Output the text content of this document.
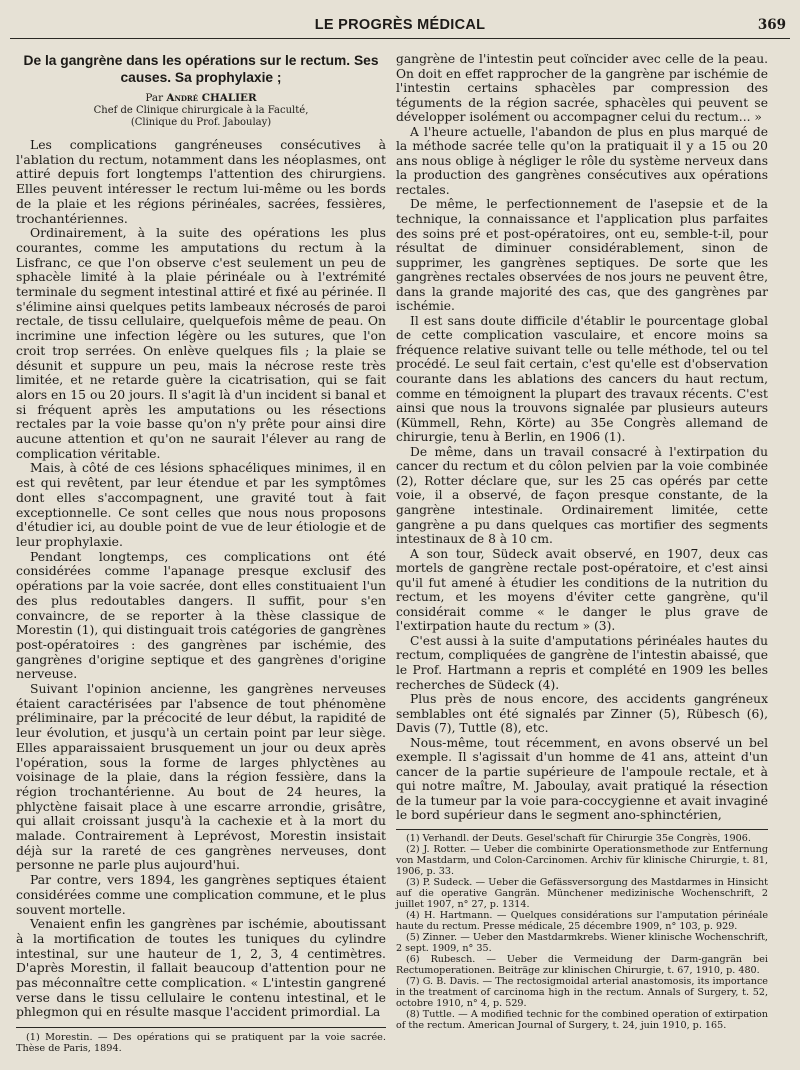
LE PROGRÈS MÉDICAL	369
De la gangrène dans les opérations sur le rectum. Ses causes. Sa prophylaxie ;
Par André CHALIER
Chef de Clinique chirurgicale à la Faculté,
(Clinique du Prof. Jaboulay)

Les complications gangréneuses consécutives à l'ablation du rectum, notamment dans les néoplasmes, ont attiré depuis fort longtemps l'attention des chirurgiens. Elles peuvent intéresser le rectum lui-même ou les bords de la plaie et les régions périnéales, sacrées, fessières, trochantériennes.

Ordinairement, à la suite des opérations les plus courantes, comme les amputations du rectum à la Lisfranc, ce que l'on observe c'est seulement un peu de sphacèle limité à la plaie périnéale ou à l'extrémité terminale du segment intestinal attiré et fixé au périnée. Il s'élimine ainsi quelques petits lambeaux nécrosés de paroi rectale, de tissu cellulaire, quelquefois même de peau. On incrimine une infection légère ou les sutures, que l'on croit trop serrées. On enlève quelques fils ; la plaie se désunit et suppure un peu, mais la nécrose reste très limitée, et ne retarde guère la cicatrisation, qui se fait alors en 15 ou 20 jours. Il s'agit là d'un incident si banal et si fréquent après les amputations ou les résections rectales par la voie basse qu'on n'y prête pour ainsi dire aucune attention et qu'on ne saurait l'élever au rang de complication véritable.

Mais, à côté de ces lésions sphacéliques minimes, il en est qui revêtent, par leur étendue et par les symptômes dont elles s'accompagnent, une gravité tout à fait exceptionnelle. Ce sont celles que nous nous proposons d'étudier ici, au double point de vue de leur étiologie et de leur prophylaxie.

Pendant longtemps, ces complications ont été considérées comme l'apanage presque exclusif des opérations par la voie sacrée, dont elles constituaient l'un des plus redoutables dangers. Il suffit, pour s'en convaincre, de se reporter à la thèse classique de Morestin (1), qui distinguait trois catégories de gangrènes post-opératoires : des gangrènes par ischémie, des gangrènes d'origine septique et des gangrènes d'origine nerveuse.

Suivant l'opinion ancienne, les gangrènes nerveuses étaient caractérisées par l'absence de tout phénomène préliminaire, par la précocité de leur début, la rapidité de leur évolution, et jusqu'à un certain point par leur siège. Elles apparaissaient brusquement un jour ou deux après l'opération, sous la forme de larges phlyctènes au voisinage de la plaie, dans la région fessière, dans la région trochantérienne. Au bout de 24 heures, la phlyctène faisait place à une escarre arrondie, grisâtre, qui allait croissant jusqu'à la cachexie et à la mort du malade. Contrairement à Leprévost, Morestin insistait déjà sur la rareté de ces gangrènes nerveuses, dont personne ne parle plus aujourd'hui.

Par contre, vers 1894, les gangrènes septiques étaient considérées comme une complication commune, et le plus souvent mortelle.

Venaient enfin les gangrènes par ischémie, aboutissant à la mortification de toutes les tuniques du cylindre intestinal, sur une hauteur de 1, 2, 3, 4 centimètres. D'après Morestin, il fallait beaucoup d'attention pour ne pas méconnaître cette complication. « L'intestin gangrené verse dans le tissu cellulaire le contenu intestinal, et le phlegmon qui en résulte masque l'accident primordial. La

(1) Morestin. — Des opérations qui se pratiquent par la voie sacrée. Thèse de Paris, 1894.

gangrène de l'intestin peut coïncider avec celle de la peau. On doit en effet rapprocher de la gangrène par ischémie de l'intestin certains sphacèles par compression des téguments de la région sacrée, sphacèles qui peuvent se développer isolément ou accompagner celui du rectum... »

A l'heure actuelle, l'abandon de plus en plus marqué de la méthode sacrée telle qu'on la pratiquait il y a 15 ou 20 ans nous oblige à négliger le rôle du système nerveux dans la production des gangrènes consécutives aux opérations rectales.

De même, le perfectionnement de l'asepsie et de la technique, la connaissance et l'application plus parfaites des soins pré et post-opératoires, ont eu, semble-t-il, pour résultat de diminuer considérablement, sinon de supprimer, les gangrènes septiques. De sorte que les gangrènes rectales observées de nos jours ne peuvent être, dans la grande majorité des cas, que des gangrènes par ischémie.

Il est sans doute difficile d'établir le pourcentage global de cette complication vasculaire, et encore moins sa fréquence relative suivant telle ou telle méthode, tel ou tel procédé. Le seul fait certain, c'est qu'elle est d'observation courante dans les ablations des cancers du haut rectum, comme en témoignent la plupart des travaux récents. C'est ainsi que nous la trouvons signalée par plusieurs auteurs (Kümmell, Rehn, Körte) au 35e Congrès allemand de chirurgie, tenu à Berlin, en 1906 (1).

De même, dans un travail consacré à l'extirpation du cancer du rectum et du côlon pelvien par la voie combinée (2), Rotter déclare que, sur les 25 cas opérés par cette voie, il a observé, de façon presque constante, de la gangrène intestinale. Ordinairement limitée, cette gangrène a pu dans quelques cas mortifier des segments intestinaux de 8 à 10 cm.

A son tour, Südeck avait observé, en 1907, deux cas mortels de gangrène rectale post-opératoire, et c'est ainsi qu'il fut amené à étudier les conditions de la nutrition du rectum, et les moyens d'éviter cette gangrène, qu'il considérait comme « le danger le plus grave de l'extirpation haute du rectum » (3).

C'est aussi à la suite d'amputations périnéales hautes du rectum, compliquées de gangrène de l'intestin abaissé, que le Prof. Hartmann a repris et complété en 1909 les belles recherches de Südeck (4).

Plus près de nous encore, des accidents gangréneux semblables ont été signalés par Zinner (5), Rübesch (6), Davis (7), Tuttle (8), etc.

Nous-même, tout récemment, en avons observé un bel exemple. Il s'agissait d'un homme de 41 ans, atteint d'un cancer de la partie supérieure de l'ampoule rectale, et à qui notre maître, M. Jaboulay, avait pratiqué la résection de la tumeur par la voie para-coccygienne et avait invaginé le bord supérieur dans le segment ano-sphinctérien,

(1) Verhandl. der Deuts. Gesel'schaft für Chirurgie 35e Congrès, 1906.

(2) J. Rotter. — Ueber die combinirte Operationsmethode zur Entfernung von Mastdarm, und Colon-Carcinomen. Archiv für klinische Chirurgie, t. 81, 1906, p. 33.

(3) P. Sudeck. — Ueber die Gefässversorgung des Mastdarmes in Hinsicht auf die operative Gangrän. Münchener medizinische Wochenschrift, 2 juillet 1907, n° 27, p. 1314.

(4) H. Hartmann. — Quelques considérations sur l'amputation périnéale haute du rectum. Presse médicale, 25 décembre 1909, n° 103, p. 929.

(5) Zinner. — Ueber den Mastdarmkrebs. Wiener klinische Wochenschrift, 2 sept. 1909, n° 35.

(6) Rubesch. — Ueber die Vermeidung der Darm-gangrän bei Rectumoperationen. Beiträge zur klinischen Chirurgie, t. 67, 1910, p. 480.

(7) G. B. Davis. — The rectosigmoidal arterial anastomosis, its importance in the treatment of carcinoma high in the rectum. Annals of Surgery, t. 52, octobre 1910, n° 4, p. 529.

(8) Tuttle. — A modified technic for the combined operation of extirpation of the rectum. American Journal of Surgery, t. 24, juin 1910, p. 165.
